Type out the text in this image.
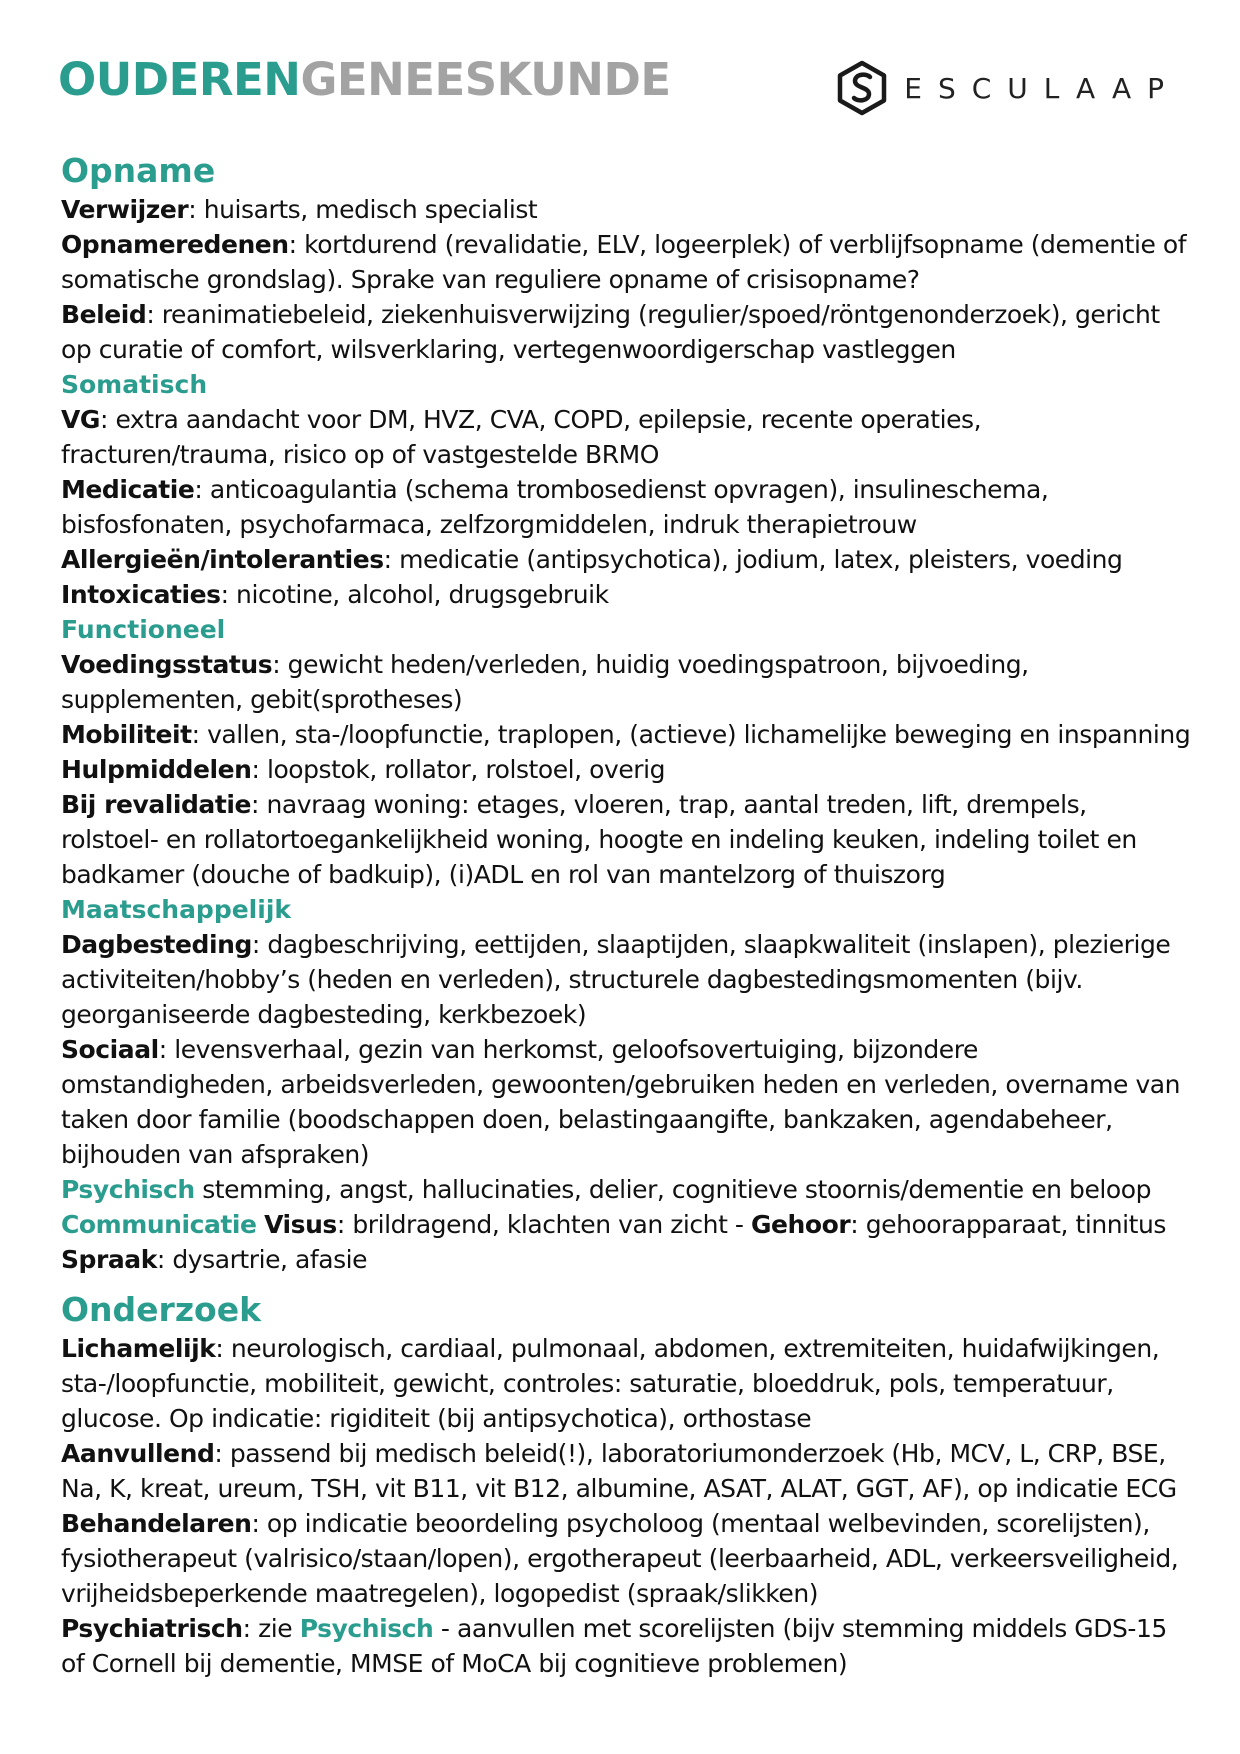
OUDERENGENEESKUNDE	ESCULAAP
Opname

Verwijzer: huisarts, medisch specialist

Opnameredenen: kortdurend (revalidatie, ELV, logeerplek) of verblijfsopname (dementie of somatische grondslag). Sprake van reguliere opname of crisisopname?

Beleid: reanimatiebeleid, ziekenhuisverwijzing (regulier/spoed/röntgenonderzoek), gericht op curatie of comfort, wilsverklaring, vertegenwoordigerschap vastleggen

Somatisch

VG: extra aandacht voor DM, HVZ, CVA, COPD, epilepsie, recente operaties, fracturen/trauma, risico op of vastgestelde BRMO

Medicatie: anticoagulantia (schema trombosedienst opvragen), insulineschema, bisfosfonaten, psychofarmaca, zelfzorgmiddelen, indruk therapietrouw

Allergieën/intoleranties: medicatie (antipsychotica), jodium, latex, pleisters, voeding

Intoxicaties: nicotine, alcohol, drugsgebruik

Functioneel

Voedingsstatus: gewicht heden/verleden, huidig voedingspatroon, bijvoeding, supplementen, gebit(sprotheses)

Mobiliteit: vallen, sta-/loopfunctie, traplopen, (actieve) lichamelijke beweging en inspanning

Hulpmiddelen: loopstok, rollator, rolstoel, overig

Bij revalidatie: navraag woning: etages, vloeren, trap, aantal treden, lift, drempels, rolstoel- en rollatortoegankelijkheid woning, hoogte en indeling keuken, indeling toilet en badkamer (douche of badkuip), (i)ADL en rol van mantelzorg of thuiszorg

Maatschappelijk

Dagbesteding: dagbeschrijving, eettijden, slaaptijden, slaapkwaliteit (inslapen), plezierige activiteiten/hobby’s (heden en verleden), structurele dagbestedingsmomenten (bijv. georganiseerde dagbesteding, kerkbezoek)

Sociaal: levensverhaal, gezin van herkomst, geloofsovertuiging, bijzondere omstandigheden, arbeidsverleden, gewoonten/gebruiken heden en verleden, overname van taken door familie (boodschappen doen, belastingaangifte, bankzaken, agendabeheer, bijhouden van afspraken)

Psychisch stemming, angst, hallucinaties, delier, cognitieve stoornis/dementie en beloop

Communicatie Visus: brildragend, klachten van zicht - Gehoor: gehoorapparaat, tinnitus

Spraak: dysartrie, afasie

Onderzoek

Lichamelijk: neurologisch, cardiaal, pulmonaal, abdomen, extremiteiten, huidafwijkingen, sta-/loopfunctie, mobiliteit, gewicht, controles: saturatie, bloeddruk, pols, temperatuur, glucose. Op indicatie: rigiditeit (bij antipsychotica), orthostase

Aanvullend: passend bij medisch beleid(!), laboratoriumonderzoek (Hb, MCV, L, CRP, BSE, Na, K, kreat, ureum, TSH, vit B11, vit B12, albumine, ASAT, ALAT, GGT, AF), op indicatie ECG

Behandelaren: op indicatie beoordeling psycholoog (mentaal welbevinden, scorelijsten), fysiotherapeut (valrisico/staan/lopen), ergotherapeut (leerbaarheid, ADL, verkeersveiligheid, vrijheidsbeperkende maatregelen), logopedist (spraak/slikken)

Psychiatrisch: zie Psychisch - aanvullen met scorelijsten (bijv stemming middels GDS-15 of Cornell bij dementie, MMSE of MoCA bij cognitieve problemen)
